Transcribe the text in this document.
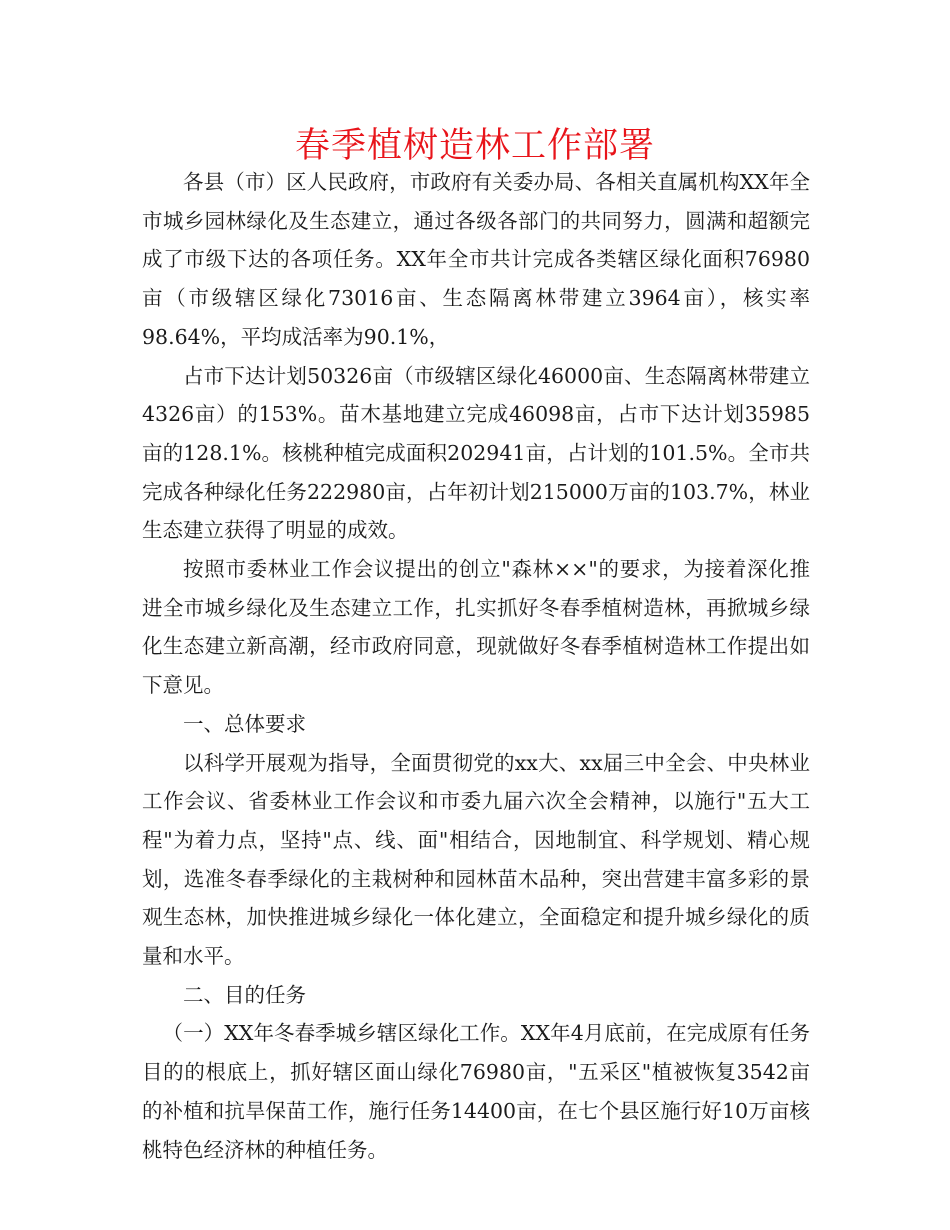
春季植树造林工作部署

各县（市）区人民政府，市政府有关委办局、各相关直属机构XX年全市城乡园林绿化及生态建立，通过各级各部门的共同努力，圆满和超额完成了市级下达的各项任务。XX年全市共计完成各类辖区绿化面积76980亩（市级辖区绿化73016亩、生态隔离林带建立3964亩），核实率98.64%，平均成活率为90.1%，

占市下达计划50326亩（市级辖区绿化46000亩、生态隔离林带建立4326亩）的153%。苗木基地建立完成46098亩，占市下达计划35985亩的128.1%。核桃种植完成面积202941亩，占计划的101.5%。全市共完成各种绿化任务222980亩，占年初计划215000万亩的103.7%，林业生态建立获得了明显的成效。

按照市委林业工作会议提出的创立"森林××"的要求，为接着深化推进全市城乡绿化及生态建立工作，扎实抓好冬春季植树造林，再掀城乡绿化生态建立新高潮，经市政府同意，现就做好冬春季植树造林工作提出如下意见。

一、总体要求

以科学开展观为指导，全面贯彻党的xx大、xx届三中全会、中央林业工作会议、省委林业工作会议和市委九届六次全会精神，以施行"五大工程"为着力点，坚持"点、线、面"相结合，因地制宜、科学规划、精心规划，选准冬春季绿化的主栽树种和园林苗木品种，突出营建丰富多彩的景观生态林，加快推进城乡绿化一体化建立，全面稳定和提升城乡绿化的质量和水平。

二、目的任务

（一）XX年冬春季城乡辖区绿化工作。XX年4月底前，在完成原有任务目的的根底上，抓好辖区面山绿化76980亩，"五采区"植被恢复3542亩的补植和抗旱保苗工作，施行任务14400亩，在七个县区施行好10万亩核桃特色经济林的种植任务。
